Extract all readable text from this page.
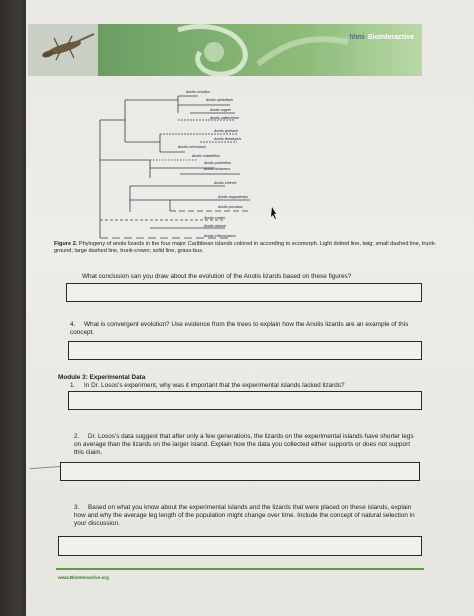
hhmi BioInteractive
Anolis occultus
Anolis ophiolepis
Anolis sagrei
Anolis valencienni
Anolis grahami
Anolis lineatopus
Anolis evermanni
Anolis cristatellus
Anolis pulchellus
Anolis alutaceus
Anolis shrevei
Anolis angusticeps
Anolis porcatus
Anolis cuvieri
Anolis olssoni
Anolis chlorocyanus
Figure 2. Phylogeny of anole lizards in the four major Caribbean islands colored in according to ecomorph. Light dotted line, twig; small dashed line, trunk-ground; large dashed line, trunk-crown; solid line, grass-bus.
What conclusion can you draw about the evolution of the Anolis lizards based on these figures?
4. What is convergent evolution? Use evidence from the trees to explain how the Anolis lizards are an example of this concept.
Module 3: Experimental Data
1. In Dr. Losos's experiment, why was it important that the experimental islands lacked lizards?
2. Dr. Losos's data suggest that after only a few generations, the lizards on the experimental islands have shorter legs on average than the lizards on the larger island. Explain how the data you collected either supports or does not support this claim.
3. Based on what you know about the experimental islands and the lizards that were placed on these islands, explain how and why the average leg length of the population might change over time. Include the concept of natural selection in your discussion.
www.BioInteractive.org
